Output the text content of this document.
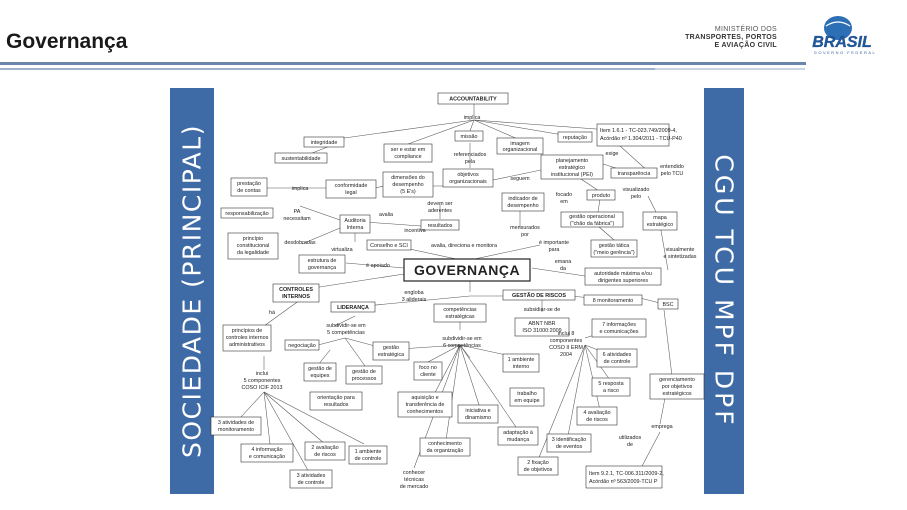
Governança
MINISTÉRIO DOS
TRANSPORTES, PORTOS
E AVIAÇÃO CIVIL BRASIL
GOVERNO FEDERAL
SOCIEDADE (PRINCIPAL)	CGU TCU MPF DPF
ACCOUNTABILITY
implica
missão
imagem
organizacional
reputação
Item 1.6.1 - TC-023.749/2009-4,
Acórdão nº 1.304/2011 - TCU-P40
exige
integridade
ser e estar em
compliance	referenciados
pela	planejamento
estratégico
institucional (PEI)	transparência
sustentabilidade
objetivos
organizacionais	seguem
prestação
de contas	implica	conformidade
legal
dimensões do
desempenho
(5 E's)
indicador de
desempenho
focado
em
produto
visualizado
pelo
entendido
pelo TCU
responsabilização	PA
necessitam	Auditoria
Interna
avalia
devem ser
aderentes
resultados
gestão operacional
("chão da fábrica")
mapa
estratégico
princípio
constitucional
da legalidade
desdobradas
incentiva	mensurados
por
virtualiza
Conselho e SCI	avalia, direciona e monitora	é importante
para
gestão tática
("meio gerência")	visualmente
e sintetizadas
estrutura de
governança	é apoiado GOVERNANÇA	emana
da
autoridade máxima e/ou
dirigentes superiores
CONTROLES
INTERNOS
engloba
3 aliderais
GESTÃO DE RISCOS
8 monitoramento
BSC
LIDERANÇA	subsidiar-se de
competências
estratégicas
ABNT NBR
ISO 31000:2009
7 informações
e comunicações
há
princípios de
controles internos
administrativos
subdividir-se em
5 competências
subdividir-se em
6 competências
inclui 8
componentes
COSO II ERM
2004
negociação	gestão
estratégica
1 ambiente
interno
6 atividades
de controle
inclui
5 componentes
COSO ICIF 2013
gestão de
equipes
gestão de
processos
foco no
cliente
5 resposta
a risco
gerenciamento
por objetivos
estratégicos
orientação para
resultados
aquisição e
transferência de
conhecimentos
trabalho
em equipe
4 avaliação
de riscos
3 atividades de
monitoramento
iniciativa e
dinamismo
adaptação à
mudança	3 identificação
de eventos
utilizados
de
emprega
4 informação
e comunicação
2 avaliação
de riscos	1 ambiente
de controle
conhecimento
da organização
2 fixação
de objetivos
Item 9.2.1, TC-006.311/2009-2,
Acórdão nº 563/2009-TCU P
3 atividades
de controle
conhecer
técnicas
de mercado
